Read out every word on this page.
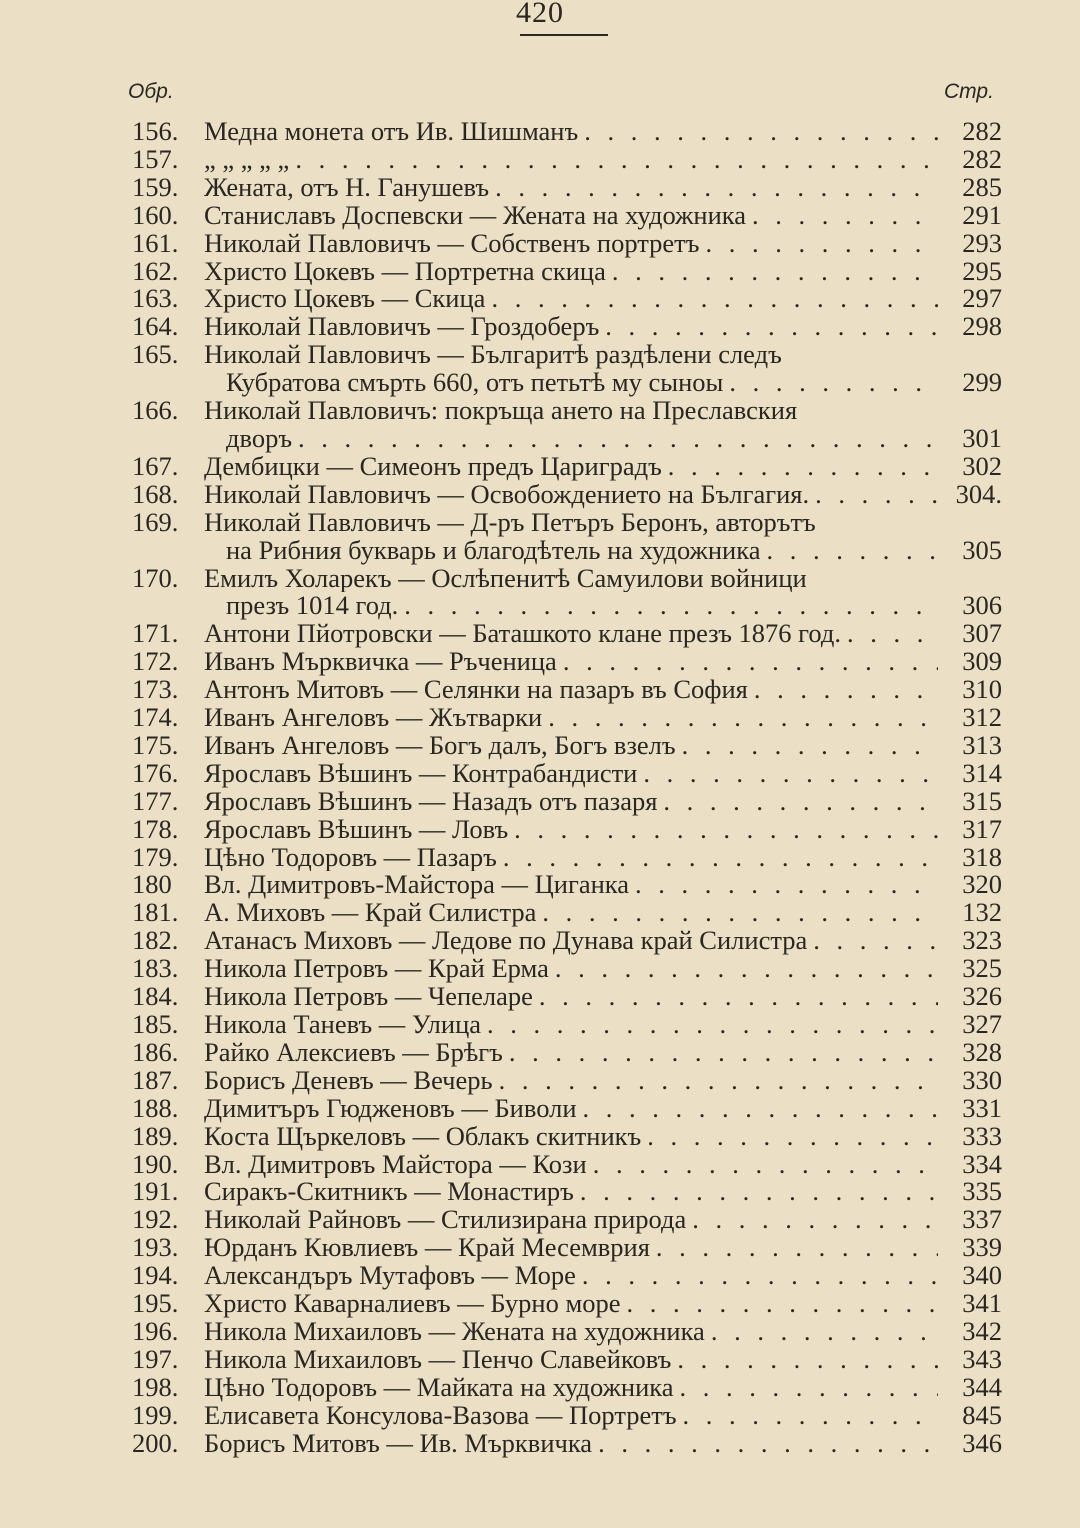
420
Обр.	Стр.
156. Медна монета отъ Ив. Шишманъ . . .	282
157. „ „ „ „ „ . . .	282
159. Жената, отъ Н. Ганушевъ . . .	285
160. Станиславъ Доспевски — Жената на художника . . .	291
161. Николай Павловичъ — Собственъ портретъ . . .	293
162. Христо Цокевъ — Портретна скица . . .	295
163. Христо Цокевъ — Скица . . .	297
164. Николай Павловичъ — Гроздоберъ . . .	298
165. Николай Павловичъ — Българитѣ раздѣлени следъ
Кубратова смърть 660, отъ петьтѣ му сыноы . . .	299
166. Николай Павловичъ: покръща ането на Преславския
дворъ . . .	301
167. Дембицки — Симеонъ предъ Цариградъ . . .	302
168. Николай Павловичъ — Освобождението на Бългагия. . . .	304.
169. Николай Павловичъ — Д-ръ Петъръ Беронъ, авторътъ
на Рибния букварь и благодѣтель на художника . . .	305
170. Емилъ Холарекъ — Ослѣпенитѣ Самуилови войници
презъ 1014 год. . . .	306
171. Антони Пйотровски — Баташкото клане презъ 1876 год. . . .	307
172. Иванъ Мърквичка — Ръченица . . .	309
173. Антонъ Митовъ — Селянки на пазаръ въ София . . .	310
174. Иванъ Ангеловъ — Жътварки . . .	312
175. Иванъ Ангеловъ — Богъ далъ, Богъ взелъ . . .	313
176. Ярославъ Вѣшинъ — Контрабандисти . . .	314
177. Ярославъ Вѣшинъ — Назадъ отъ пазаря . . .	315
178. Ярославъ Вѣшинъ — Ловъ . . .	317
179. Цѣно Тодоровъ — Пазаръ . . .	318
180	Вл. Димитровъ-Майстора — Циганка . . .	320
181. А. Миховъ — Край Силистра . . .	132
182. Атанасъ Миховъ — Ледове по Дунава край Силистра . . .	323
183. Никола Петровъ — Край Ерма . . .	325
184. Никола Петровъ — Чепеларе . . .	326
185. Никола Таневъ — Улица . . .	327
186. Райко Алексиевъ — Брѣгъ . . .	328
187. Борисъ Деневъ — Вечерь . . .	330
188. Димитъръ Гюдженовъ — Биволи . . .	331
189. Коста Щъркеловъ — Облакъ скитникъ . . .	333
190. Вл. Димитровъ Майстора — Кози . . .	334
191. Сиракъ-Скитникъ — Монастиръ . . .	335
192. Николай Райновъ — Стилизирана природа . . .	337
193. Юрданъ Кювлиевъ — Край Месемврия . . .	339
194. Александъръ Мутафовъ — Море . . .	340
195. Христо Каварналиевъ — Бурно море . . .	341
196. Никола Михаиловъ — Жената на художника . . .	342
197. Никола Михаиловъ — Пенчо Славейковъ . . .	343
198. Цѣно Тодоровъ — Майката на художника . . .	344
199. Елисавета Консулова-Вазова — Портретъ . . .	845
200. Борисъ Митовъ — Ив. Мърквичка . . .	346
